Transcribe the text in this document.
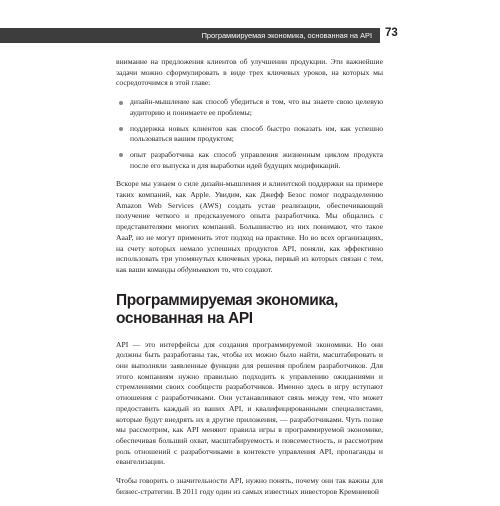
Программируемая экономика, основанная на API 73

внимание на предложения клиентов об улучшении продукции. Эти важнейшие задачи можно сформулировать в виде трех ключевых уроков, на которых мы сосредоточимся в этой главе:

дизайн-мышление как способ убедиться в том, что вы знаете свою целевую аудиторию и понимаете ее проблемы;
поддержка новых клиентов как способ быстро показать им, как успешно пользоваться вашим продуктом;
опыт разработчика как способ управления жизненным циклом продукта после его выпуска и для выработки идей будущих модификаций.

Вскоре мы узнаем о силе дизайн-мышления и клиентской поддержки на примере таких компаний, как Apple. Увидим, как Джефф Безос помог подразделению Amazon Web Services (AWS) создать устав реализации, обеспечивающий получение четкого и предсказуемого опыта разработчика. Мы общались с представителями многих компаний. Большинство из них понимают, что такое AaaP, но не могут применить этот подход на практике. Но во всех организациях, на счету которых немало успешных продуктов API, поняли, как эффективно использовать три упомянутых ключевых урока, первый из которых связан с тем, как ваши команды обдумывают то, что создают.

Программируемая экономика,
основанная на API

API — это интерфейсы для создания программируемой экономики. Но они должны быть разработаны так, чтобы их можно было найти, масштабировать и они выполняли заявленные функции для решения проблем разработчиков. Для этого компаниям нужно правильно подходить к управлению ожиданиями и стремлениями своих сообществ разработчиков. Именно здесь в игру вступают отношения с разработчиками. Они устанавливают связь между тем, что может предоставить каждый из ваших API, и квалифицированными специалистами, которые будут внедрять их в другие приложения, — разработчиками. Чуть позже мы рассмотрим, как API меняют правила игры в программируемой экономике, обеспечивая больший охват, масштабируемость и повсеместность, и рассмотрим роль отношений с разработчиками в контексте управления API, пропаганды и евангелизации.

Чтобы говорить о значительности API, нужно понять, почему они так важны для бизнес-стратегии. В 2011 году один из самых известных инвесторов Кремниевой
